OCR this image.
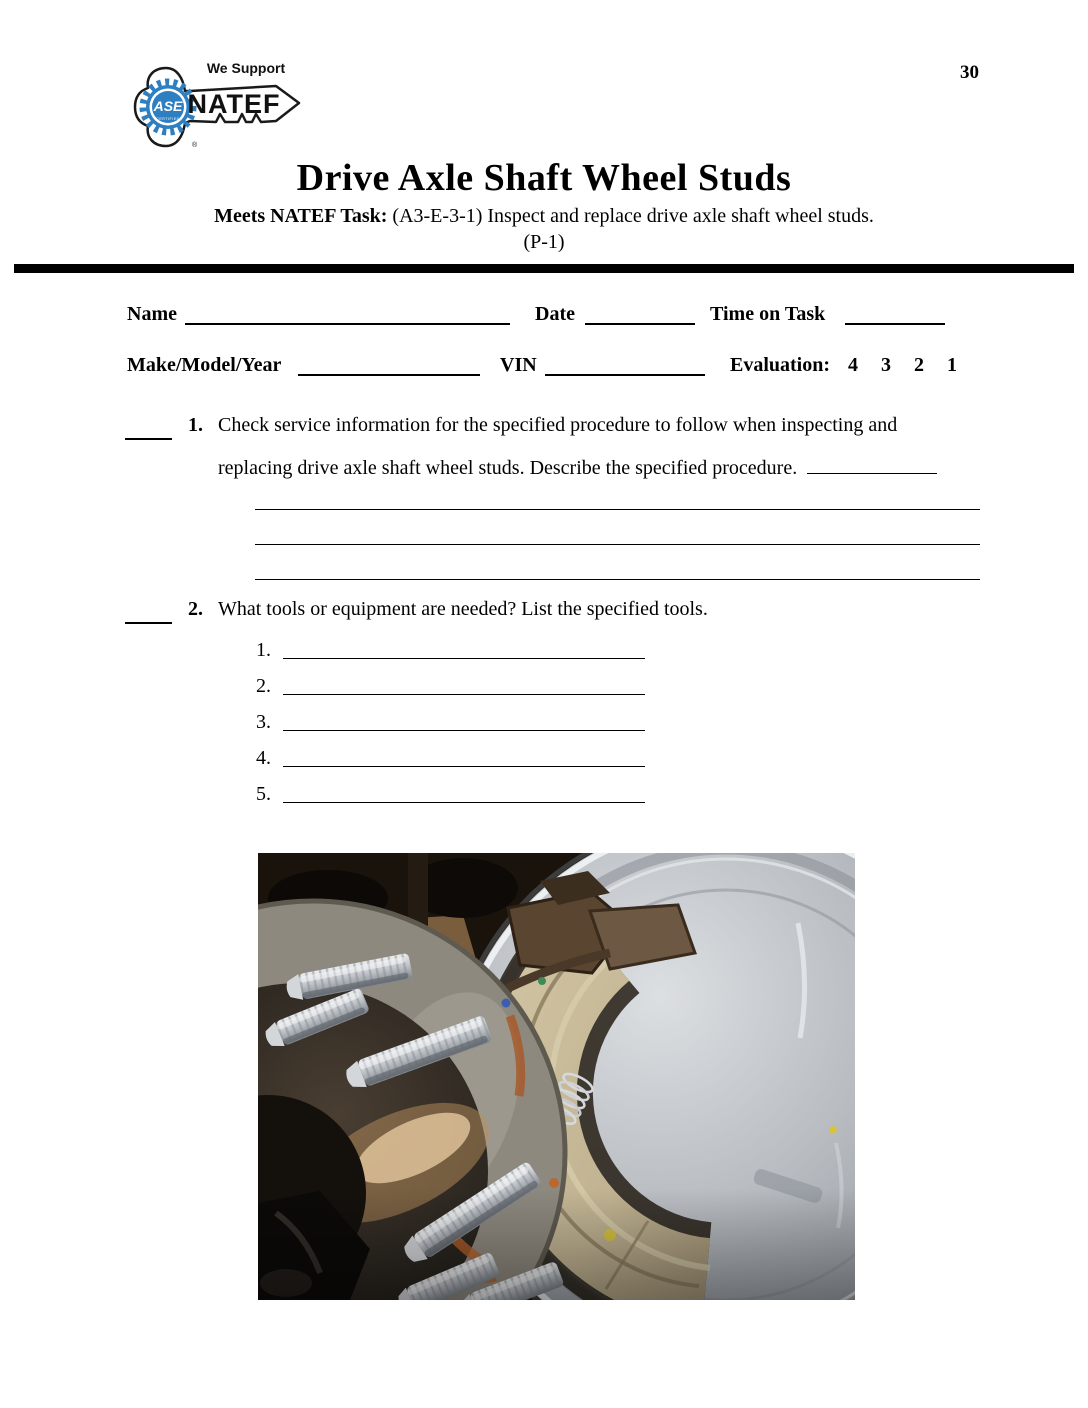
30
ASE
CERTIFIED
We Support
NATEF
®
Drive Axle Shaft Wheel Studs
Meets NATEF Task: (A3-E-3-1) Inspect and replace drive axle shaft wheel studs.
(P-1)
Name	Date	Time on Task
Make/Model/Year	VIN	Evaluation: 4 3 2 1
1. Check service information for the specified procedure to follow when inspecting and
replacing drive axle shaft wheel studs. Describe the specified procedure.
2. What tools or equipment are needed? List the specified tools.
1.
2.
3.
4.
5.
